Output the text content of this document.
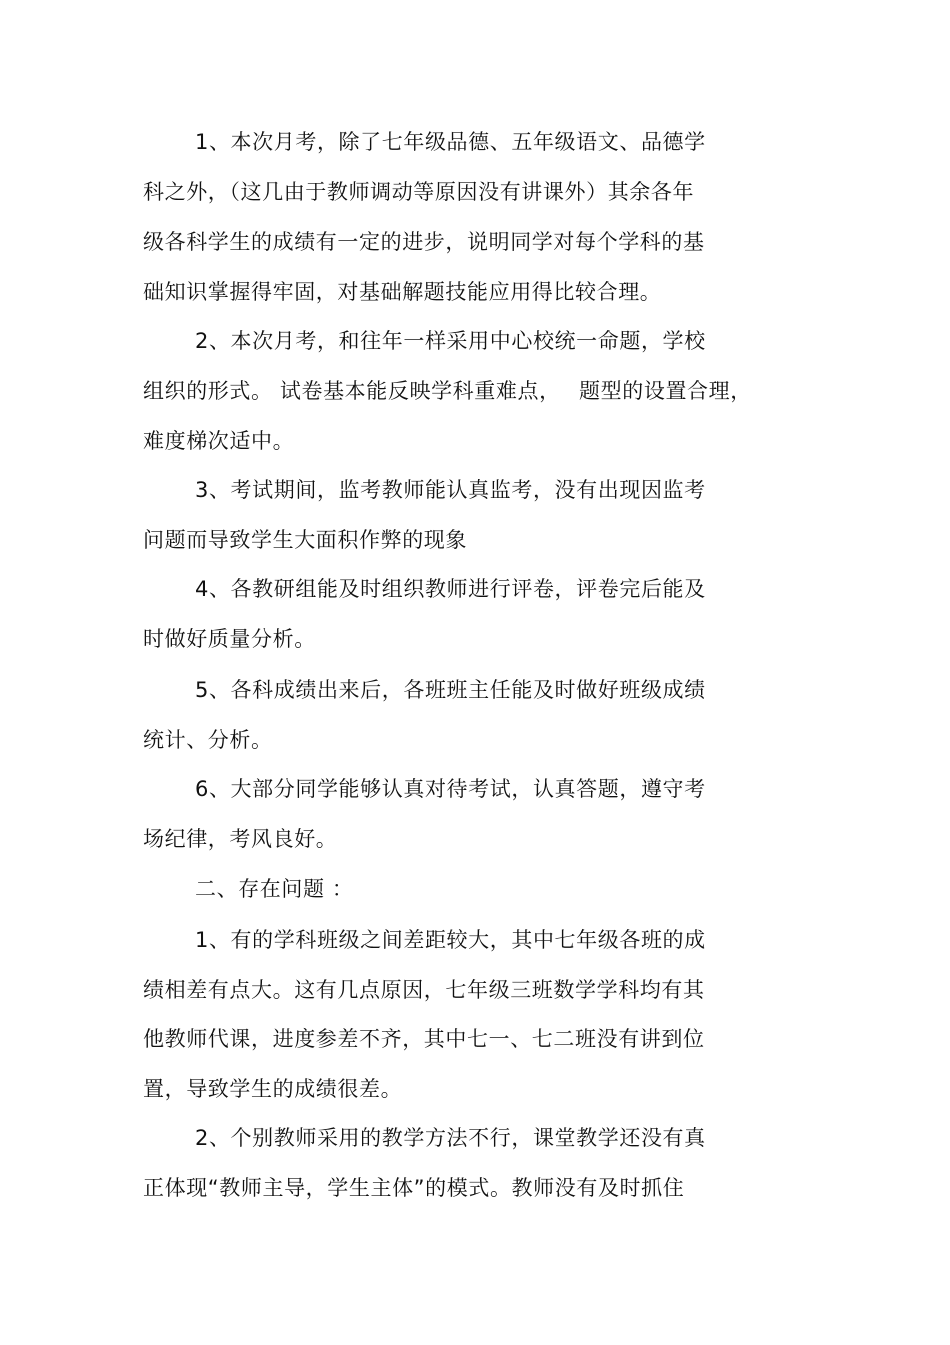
1、本次月考，除了七年级品德、五年级语文、品德学
科之外，（这几由于教师调动等原因没有讲课外）其余各年
级各科学生的成绩有一定的进步，说明同学对每个学科的基
础知识掌握得牢固，对基础解题技能应用得比较合理。
2、本次月考，和往年一样采用中心校统一命题，学校
组织的形式。 试卷基本能反映学科重难点，　 题型的设置合理，
难度梯次适中。
3、考试期间，监考教师能认真监考，没有出现因监考
问题而导致学生大面积作弊的现象
4、各教研组能及时组织教师进行评卷，评卷完后能及
时做好质量分析。
5、各科成绩出来后，各班班主任能及时做好班级成绩
统计、分析。
6、大部分同学能够认真对待考试，认真答题，遵守考
场纪律，考风良好。
二、存在问题 ：
1、有的学科班级之间差距较大，其中七年级各班的成
绩相差有点大。这有几点原因，七年级三班数学学科均有其
他教师代课，进度参差不齐，其中七一、七二班没有讲到位
置，导致学生的成绩很差。
2、个别教师采用的教学方法不行，课堂教学还没有真
正体现“教师主导，学生主体”的模式。教师没有及时抓住
